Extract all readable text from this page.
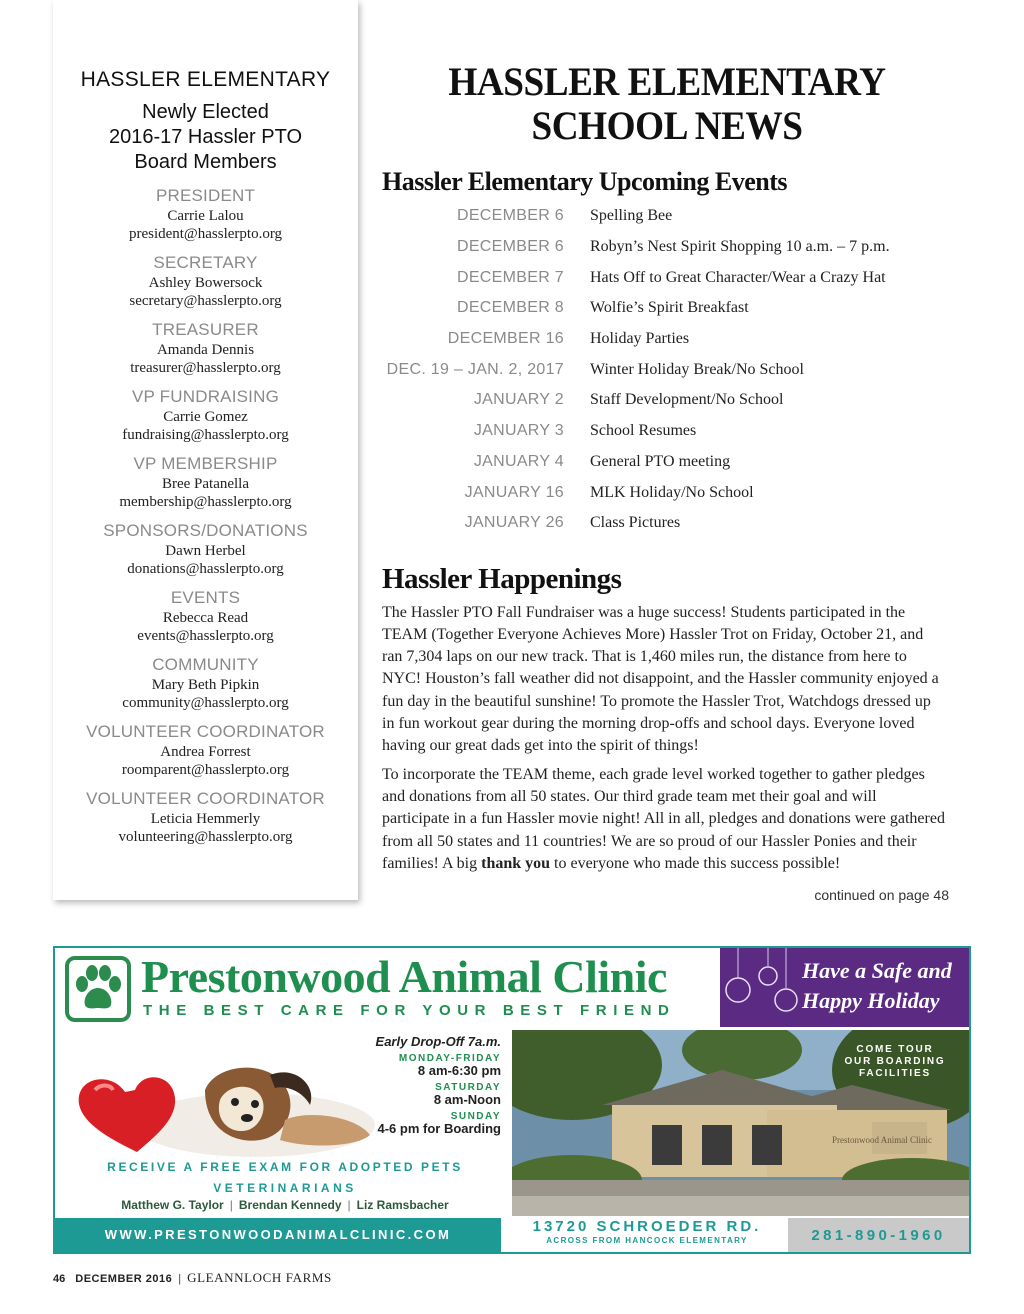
HASSLER ELEMENTARY
Newly Elected
2016-17 Hassler PTO
Board Members
PRESIDENT
Carrie Lalou
president@hasslerpto.org
SECRETARY
Ashley Bowersock
secretary@hasslerpto.org
TREASURER
Amanda Dennis
treasurer@hasslerpto.org
VP FUNDRAISING
Carrie Gomez
fundraising@hasslerpto.org
VP MEMBERSHIP
Bree Patanella
membership@hasslerpto.org
SPONSORS/DONATIONS
Dawn Herbel
donations@hasslerpto.org
EVENTS
Rebecca Read
events@hasslerpto.org
COMMUNITY
Mary Beth Pipkin
community@hasslerpto.org
VOLUNTEER COORDINATOR
Andrea Forrest
roomparent@hasslerpto.org
VOLUNTEER COORDINATOR
Leticia Hemmerly
volunteering@hasslerpto.org
HASSLER ELEMENTARY
SCHOOL NEWS
Hassler Elementary Upcoming Events
DECEMBER 6 Spelling Bee
DECEMBER 6 Robyn’s Nest Spirit Shopping 10 a.m. – 7 p.m.
DECEMBER 7 Hats Off to Great Character/Wear a Crazy Hat
DECEMBER 8 Wolfie’s Spirit Breakfast
DECEMBER 16 Holiday Parties
DEC. 19 – JAN. 2, 2017 Winter Holiday Break/No School
JANUARY 2 Staff Development/No School
JANUARY 3 School Resumes
JANUARY 4 General PTO meeting
JANUARY 16 MLK Holiday/No School
JANUARY 26 Class Pictures
Hassler Happenings

The Hassler PTO Fall Fundraiser was a huge success! Students participated in the TEAM (Together Everyone Achieves More) Hassler Trot on Friday, October 21, and ran 7,304 laps on our new track. That is 1,460 miles run, the distance from here to NYC! Houston’s fall weather did not disappoint, and the Hassler community enjoyed a fun day in the beautiful sunshine! To promote the Hassler Trot, Watchdogs dressed up in fun workout gear during the morning drop-offs and school days. Everyone loved having our great dads get into the spirit of things!

To incorporate the TEAM theme, each grade level worked together to gather pledges and donations from all 50 states. Our third grade team met their goal and will participate in a fun Hassler movie night! All in all, pledges and donations were gathered from all 50 states and 11 countries! We are so proud of our Hassler Ponies and their families! A big thank you to everyone who made this success possible!

continued on page 48
Prestonwood Animal Clinic
THE BEST CARE FOR YOUR BEST FRIEND
Have a Safe and
Happy Holiday
Early Drop-Off 7a.m.
MONDAY-FRIDAY
8 am-6:30 pm
SATURDAY
8 am-Noon
SUNDAY
4-6 pm for Boarding
Prestonwood Animal Clinic
COME TOUR
OUR BOARDING
FACILITIES
RECEIVE A FREE EXAM FOR ADOPTED PETS
VETERINARIANS
Matthew G. Taylor | Brendan Kennedy | Liz Ramsbacher
WWW.PRESTONWOODANIMALCLINIC.COM	13720 SCHROEDER RD.
ACROSS FROM HANCOCK ELEMENTARY	281-890-1960
46 DECEMBER 2016 | GLEANNLOCH FARMS
